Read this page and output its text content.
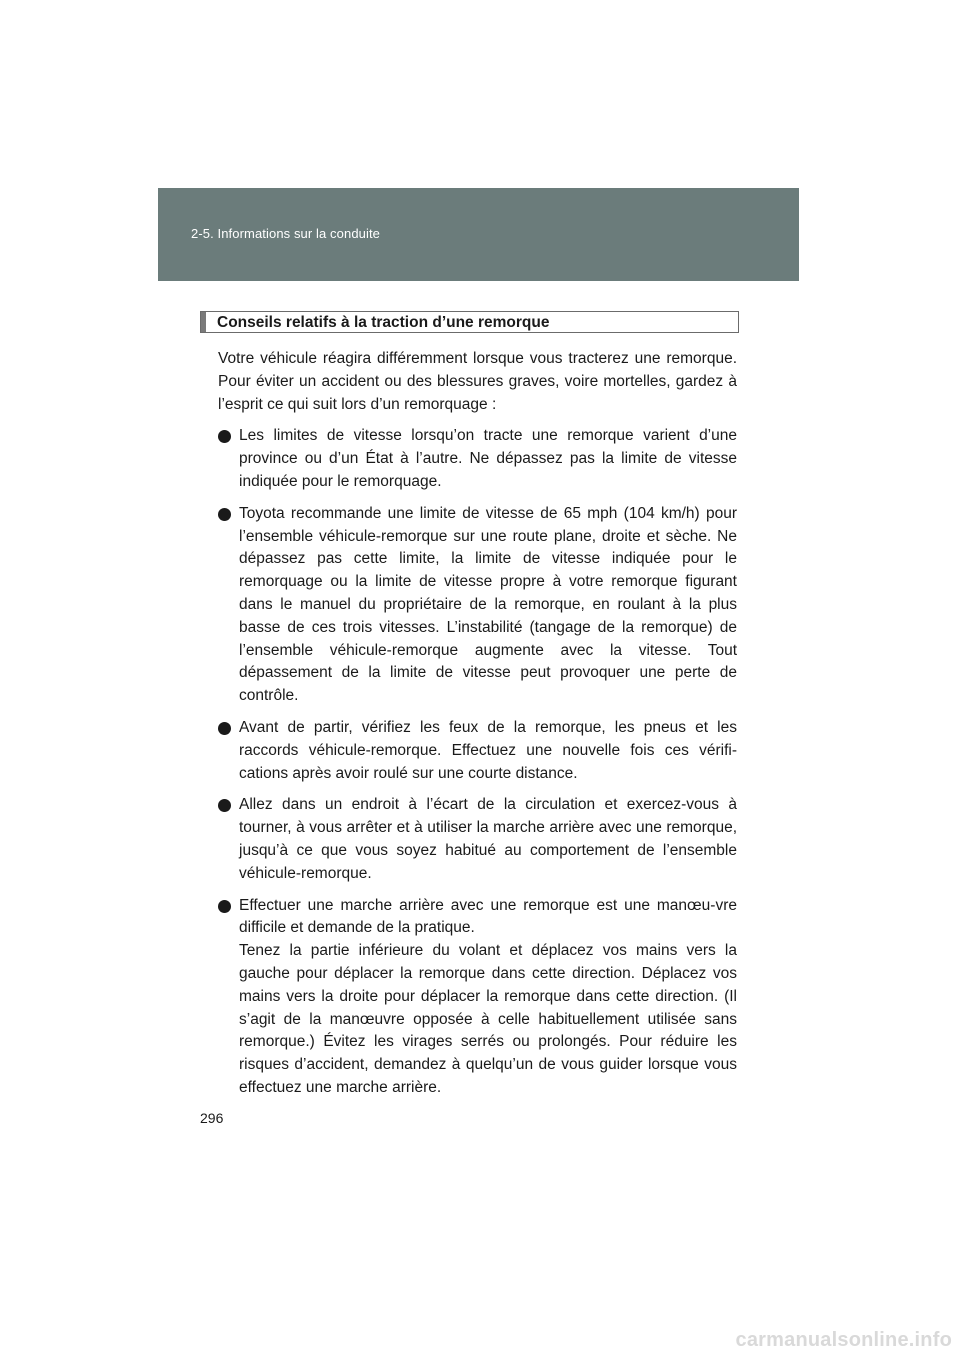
2-5. Informations sur la conduite
Conseils relatifs à la traction d’une remorque

Votre véhicule réagira différemment lorsque vous tracterez une remorque. Pour éviter un accident ou des blessures graves, voire mortelles, gardez à l’esprit ce qui suit lors d’un remorquage :

Les limites de vitesse lorsqu’on tracte une remorque varient d’une province ou d’un État à l’autre. Ne dépassez pas la limite de vitesse indiquée pour le remorquage.

Toyota recommande une limite de vitesse de 65 mph (104 km/h) pour l’ensemble véhicule-remorque sur une route plane, droite et sèche. Ne dépassez pas cette limite, la limite de vitesse indiquée pour le remorquage ou la limite de vitesse propre à votre remorque figurant dans le manuel du propriétaire de la remorque, en roulant à la plus basse de ces trois vitesses. L’instabilité (tangage de la remorque) de l’ensemble véhicule-remorque augmente avec la vitesse. Tout dépassement de la limite de vitesse peut provoquer une perte de contrôle.

Avant de partir, vérifiez les feux de la remorque, les pneus et les raccords véhicule-remorque. Effectuez une nouvelle fois ces vérifi-cations après avoir roulé sur une courte distance.

Allez dans un endroit à l’écart de la circulation et exercez-vous à tourner, à vous arrêter et à utiliser la marche arrière avec une remorque, jusqu’à ce que vous soyez habitué au comportement de l’ensemble véhicule-remorque.

Effectuer une marche arrière avec une remorque est une manœu-vre difficile et demande de la pratique.

Tenez la partie inférieure du volant et déplacez vos mains vers la gauche pour déplacer la remorque dans cette direction. Déplacez vos mains vers la droite pour déplacer la remorque dans cette direction. (Il s’agit de la manœuvre opposée à celle habituellement utilisée sans remorque.) Évitez les virages serrés ou prolongés. Pour réduire les risques d’accident, demandez à quelqu’un de vous guider lorsque vous effectuez une marche arrière.

296
carmanualsonline.info
